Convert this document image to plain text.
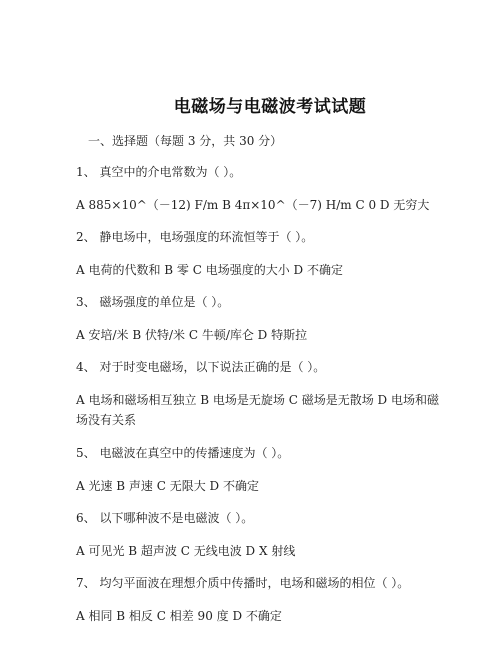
电磁场与电磁波考试试题
一、选择题（每题 3 分，共 30 分）
1、 真空中的介电常数为（ ）。
A 885×10^（－12) F/m B 4π×10^（－7) H/m C 0 D 无穷大
2、 静电场中，电场强度的环流恒等于（ ）。
A 电荷的代数和 B 零 C 电场强度的大小 D 不确定
3、 磁场强度的单位是（ ）。
A 安培/米 B 伏特/米 C 牛顿/库仑 D 特斯拉
4、 对于时变电磁场，以下说法正确的是（ ）。
A 电场和磁场相互独立 B 电场是无旋场 C 磁场是无散场 D 电场和磁场没有关系
5、 电磁波在真空中的传播速度为（ ）。
A 光速 B 声速 C 无限大 D 不确定
6、 以下哪种波不是电磁波（ ）。
A 可见光 B 超声波 C 无线电波 D X 射线
7、 均匀平面波在理想介质中传播时，电场和磁场的相位（ ）。
A 相同 B 相反 C 相差 90 度 D 不确定
